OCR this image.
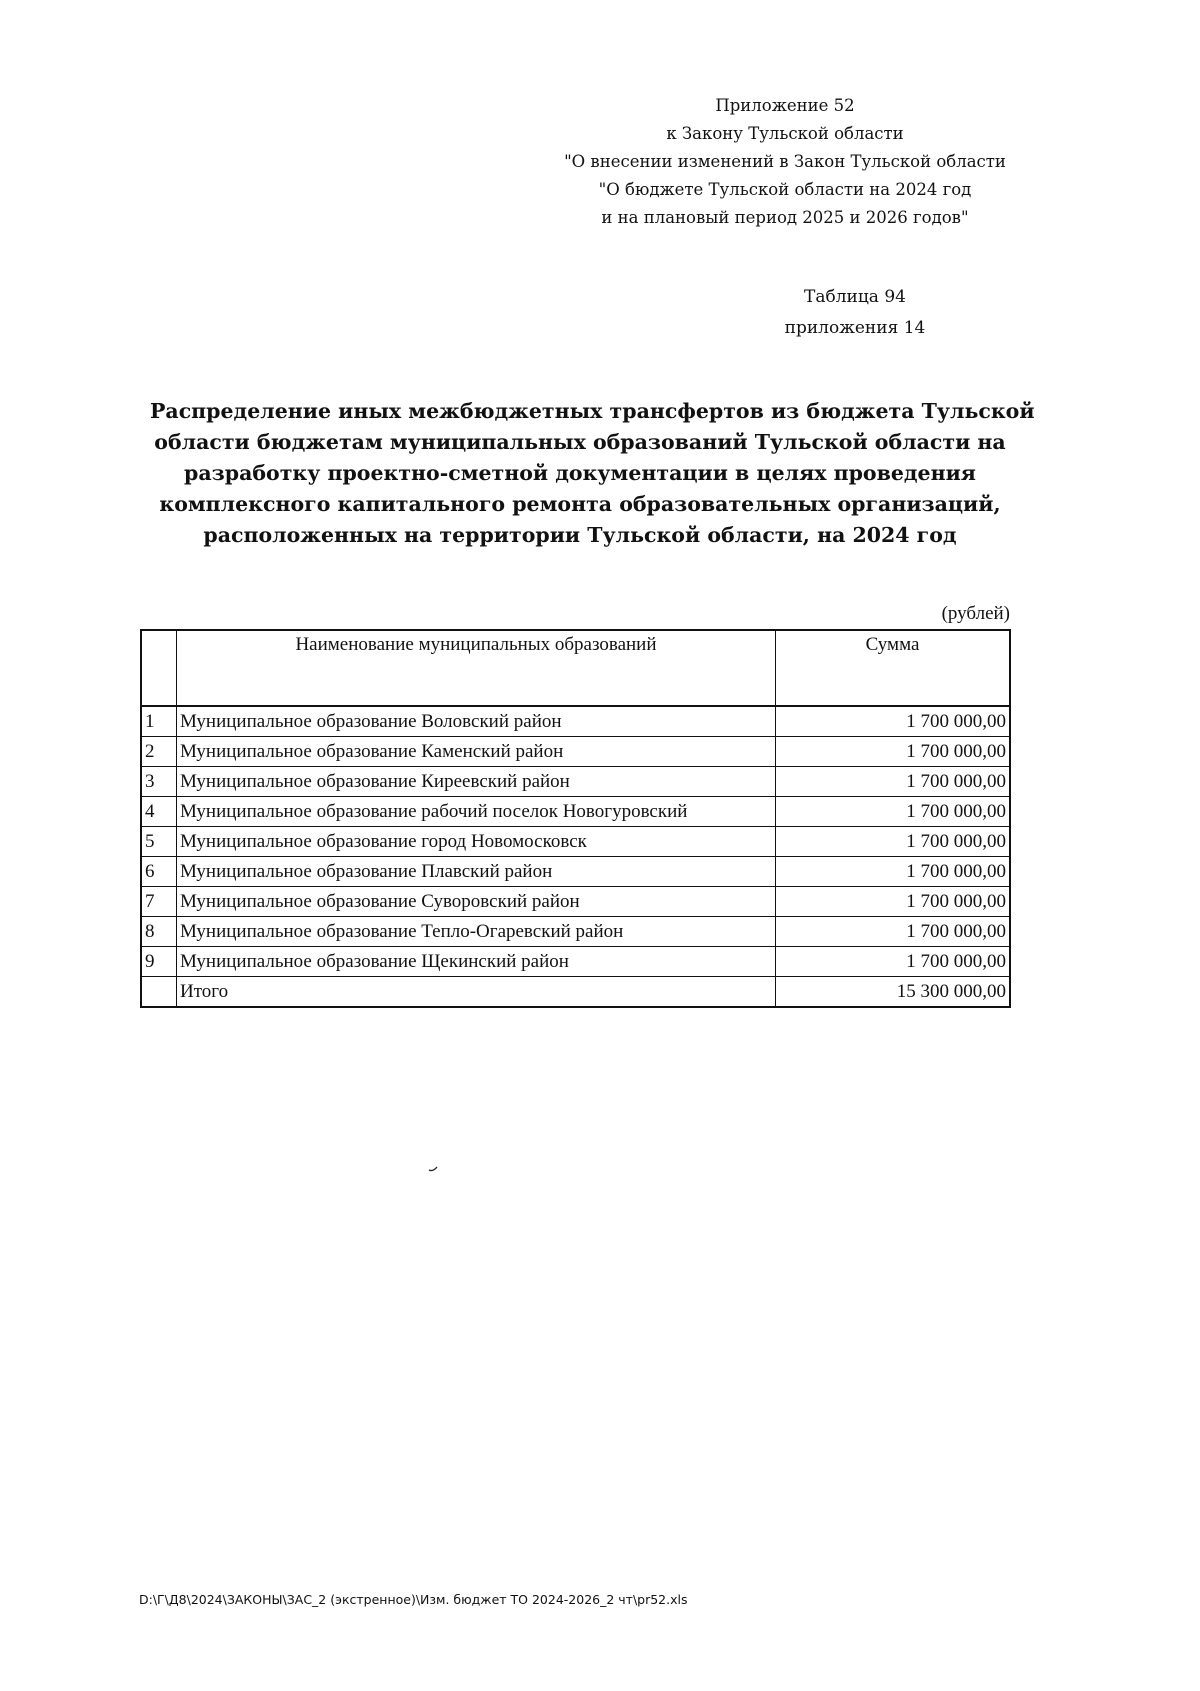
Приложение 52
к Закону Тульской области
"О внесении изменений в Закон Тульской области
"О бюджете Тульской области на 2024 год
и на плановый период 2025 и 2026 годов"
Таблица 94
приложения 14
Распределение иных межбюджетных трансфертов из бюджета Тульской
области бюджетам муниципальных образований Тульской области на
разработку проектно-сметной документации в целях проведения
комплексного капитального ремонта образовательных организаций,
расположенных на территории Тульской области, на 2024 год
(рублей)
	Наименование муниципальных образований	Сумма
1	Муниципальное образование Воловский район	1 700 000,00
2	Муниципальное образование Каменский район	1 700 000,00
3	Муниципальное образование Киреевский район	1 700 000,00
4	Муниципальное образование рабочий поселок Новогуровский	1 700 000,00
5	Муниципальное образование город Новомосковск	1 700 000,00
6	Муниципальное образование Плавский район	1 700 000,00
7	Муниципальное образование Суворовский район	1 700 000,00
8	Муниципальное образование Тепло-Огаревский район	1 700 000,00
9	Муниципальное образование Щекинский район	1 700 000,00
	Итого	15 300 000,00
D:\Г\Д8\2024\ЗАКОНЫ\ЗАС_2 (экстренное)\Изм. бюджет ТО 2024-2026_2 чт\pr52.xls
